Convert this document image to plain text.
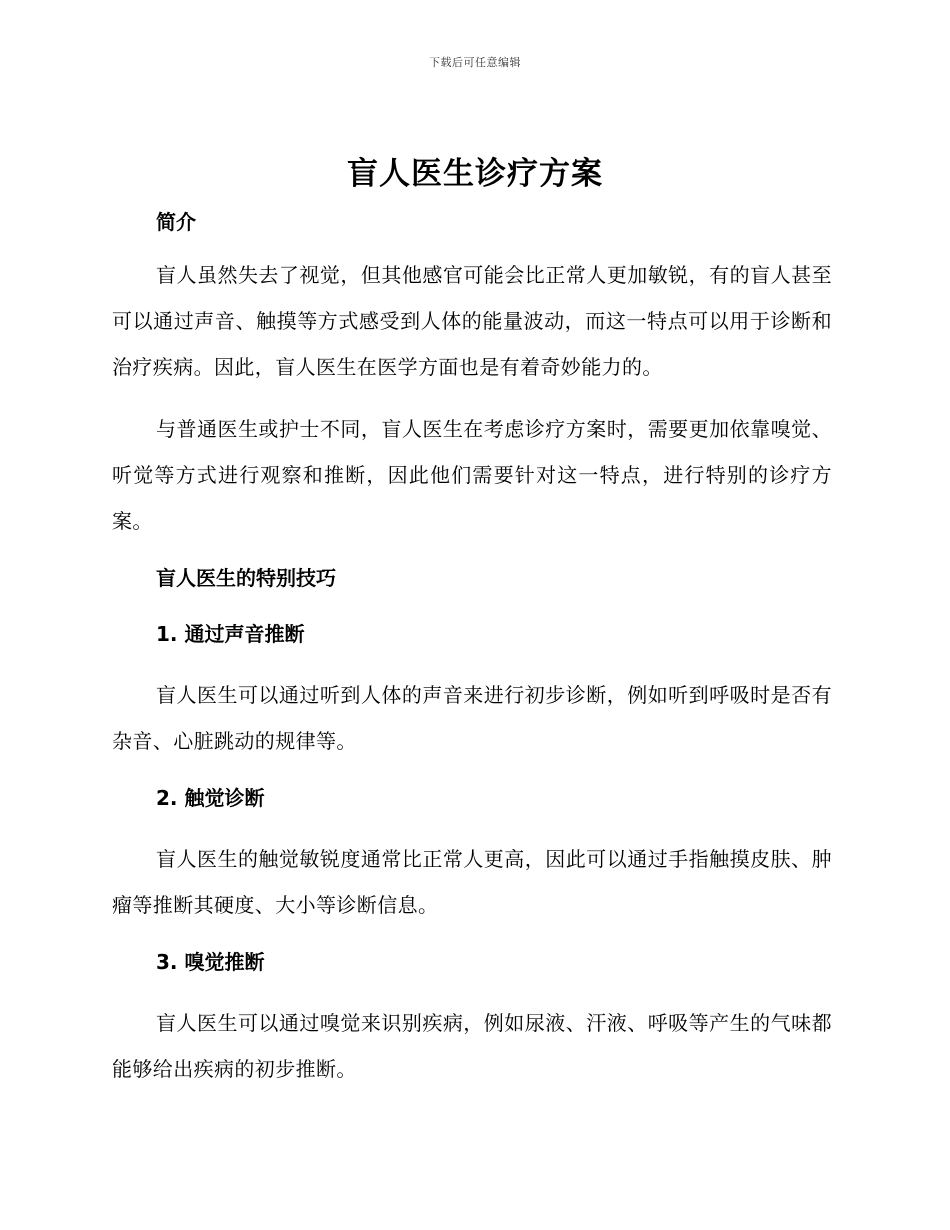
下载后可任意编辑
盲人医生诊疗方案

简介

盲人虽然失去了视觉，但其他感官可能会比正常人更加敏锐，有的盲人甚至可以通过声音、触摸等方式感受到人体的能量波动，而这一特点可以用于诊断和治疗疾病。因此，盲人医生在医学方面也是有着奇妙能力的。

与普通医生或护士不同，盲人医生在考虑诊疗方案时，需要更加依靠嗅觉、听觉等方式进行观察和推断，因此他们需要针对这一特点，进行特别的诊疗方案。

盲人医生的特别技巧

1. 通过声音推断

盲人医生可以通过听到人体的声音来进行初步诊断，例如听到呼吸时是否有杂音、心脏跳动的规律等。

2. 触觉诊断

盲人医生的触觉敏锐度通常比正常人更高，因此可以通过手指触摸皮肤、肿瘤等推断其硬度、大小等诊断信息。

3. 嗅觉推断

盲人医生可以通过嗅觉来识别疾病，例如尿液、汗液、呼吸等产生的气味都能够给出疾病的初步推断。
